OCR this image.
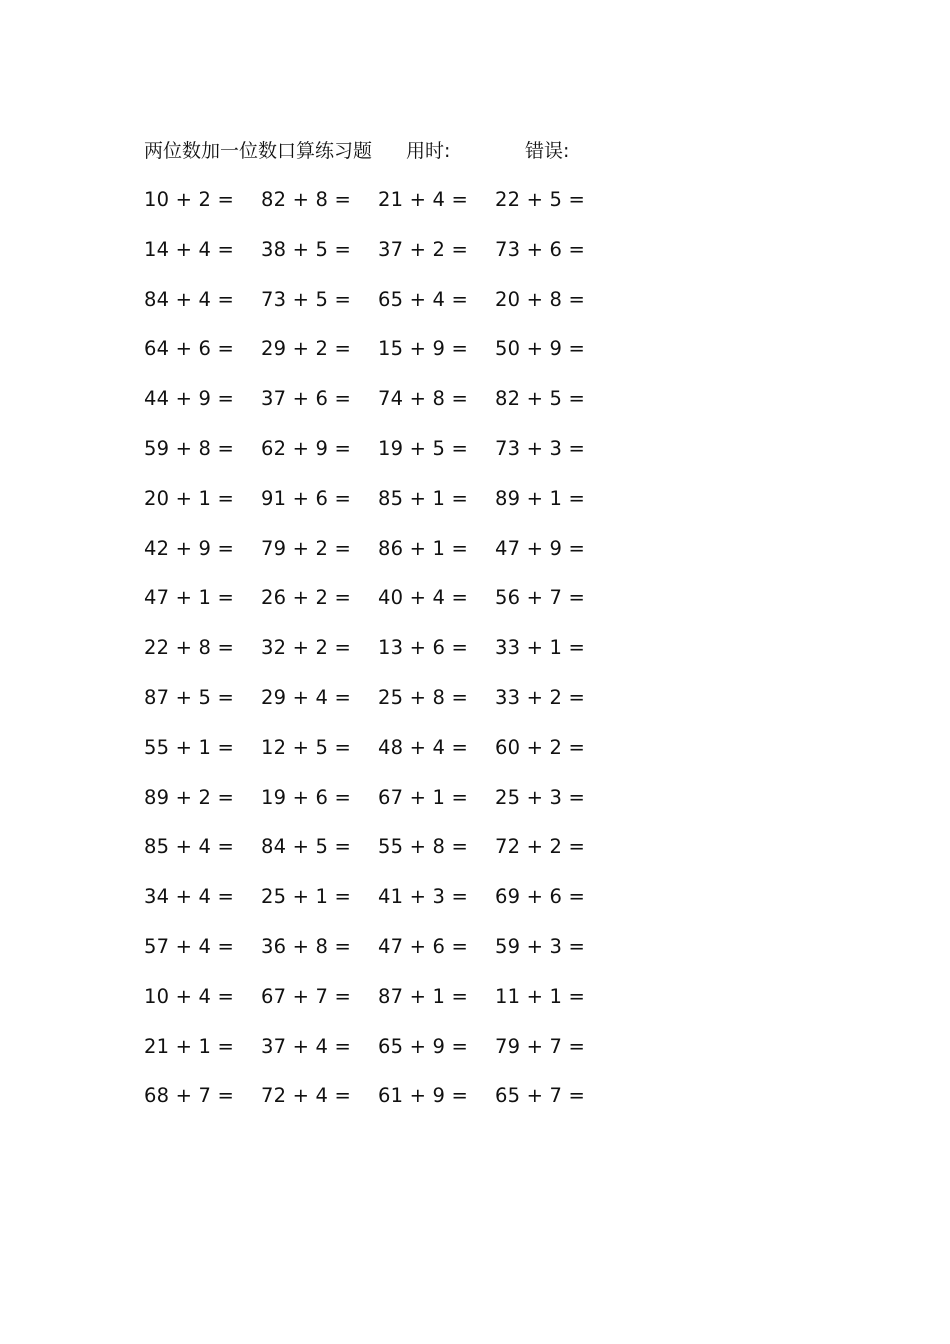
两位数加一位数口算练习题 用时:	错误:
10 + 2 = 82 + 8 = 21 + 4 = 22 + 5 =
14 + 4 = 38 + 5 = 37 + 2 = 73 + 6 =
84 + 4 = 73 + 5 = 65 + 4 = 20 + 8 =
64 + 6 = 29 + 2 = 15 + 9 = 50 + 9 =
44 + 9 = 37 + 6 = 74 + 8 = 82 + 5 =
59 + 8 = 62 + 9 = 19 + 5 = 73 + 3 =
20 + 1 = 91 + 6 = 85 + 1 = 89 + 1 =
42 + 9 = 79 + 2 = 86 + 1 = 47 + 9 =
47 + 1 = 26 + 2 = 40 + 4 = 56 + 7 =
22 + 8 = 32 + 2 = 13 + 6 = 33 + 1 =
87 + 5 = 29 + 4 = 25 + 8 = 33 + 2 =
55 + 1 = 12 + 5 = 48 + 4 = 60 + 2 =
89 + 2 = 19 + 6 = 67 + 1 = 25 + 3 =
85 + 4 = 84 + 5 = 55 + 8 = 72 + 2 =
34 + 4 = 25 + 1 = 41 + 3 = 69 + 6 =
57 + 4 = 36 + 8 = 47 + 6 = 59 + 3 =
10 + 4 = 67 + 7 = 87 + 1 = 11 + 1 =
21 + 1 = 37 + 4 = 65 + 9 = 79 + 7 =
68 + 7 = 72 + 4 = 61 + 9 = 65 + 7 =
